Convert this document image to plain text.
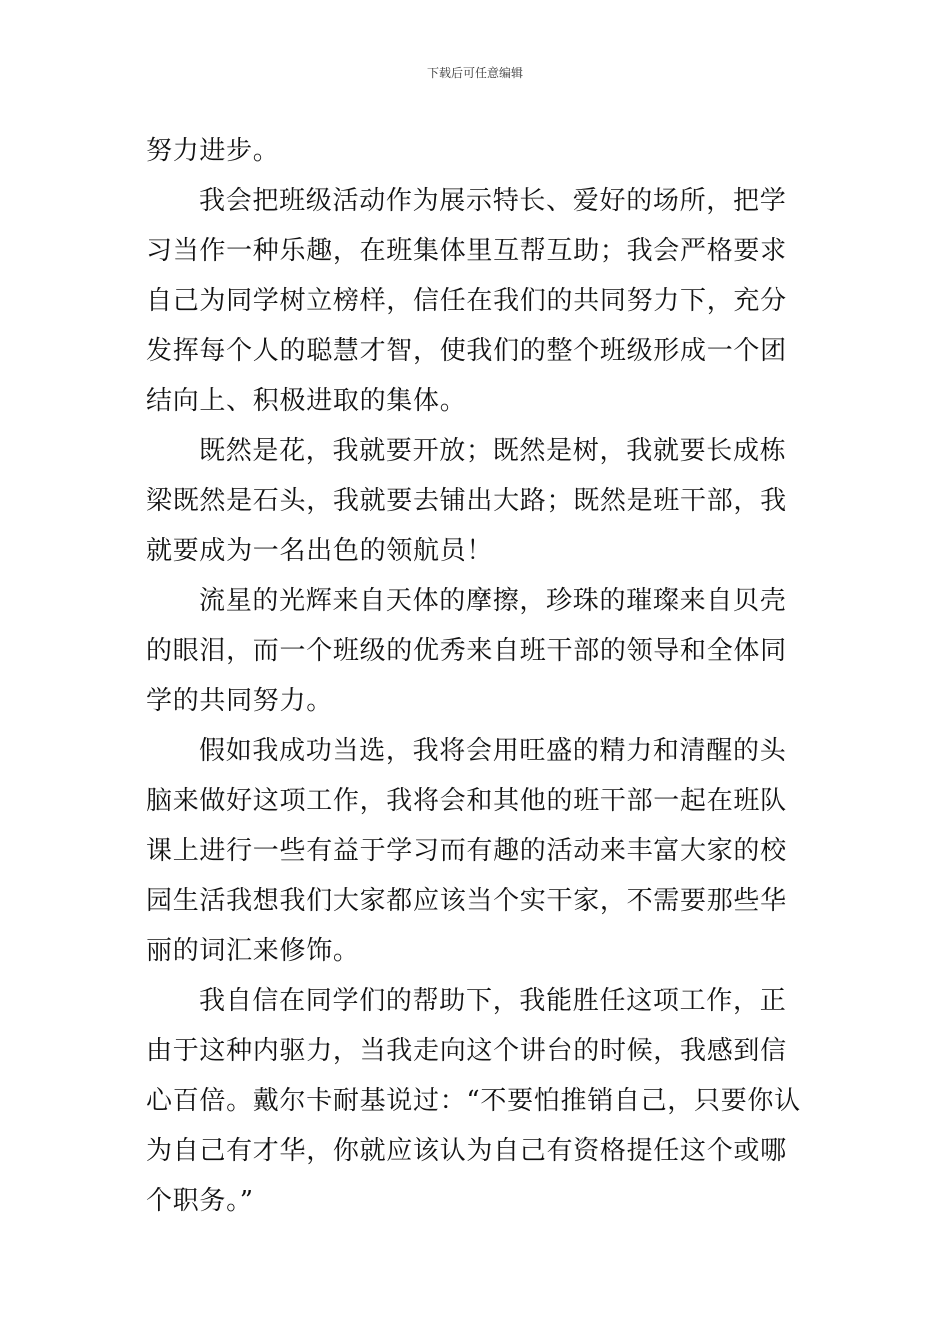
下载后可任意编辑

努力进步。

我会把班级活动作为展示特长、爱好的场所，把学习当作一种乐趣，在班集体里互帮互助；我会严格要求自己为同学树立榜样，信任在我们的共同努力下，充分发挥每个人的聪慧才智，使我们的整个班级形成一个团结向上、积极进取的集体。

既然是花，我就要开放；既然是树，我就要长成栋梁既然是石头，我就要去铺出大路；既然是班干部，我就要成为一名出色的领航员！

流星的光辉来自天体的摩擦，珍珠的璀璨来自贝壳的眼泪，而一个班级的优秀来自班干部的领导和全体同学的共同努力。

假如我成功当选，我将会用旺盛的精力和清醒的头脑来做好这项工作，我将会和其他的班干部一起在班队课上进行一些有益于学习而有趣的活动来丰富大家的校园生活我想我们大家都应该当个实干家，不需要那些华丽的词汇来修饰。

我自信在同学们的帮助下，我能胜任这项工作，正由于这种内驱力，当我走向这个讲台的时候，我感到信心百倍。戴尔卡耐基说过：“不要怕推销自己，只要你认为自己有才华，你就应该认为自己有资格提任这个或哪个职务。”
